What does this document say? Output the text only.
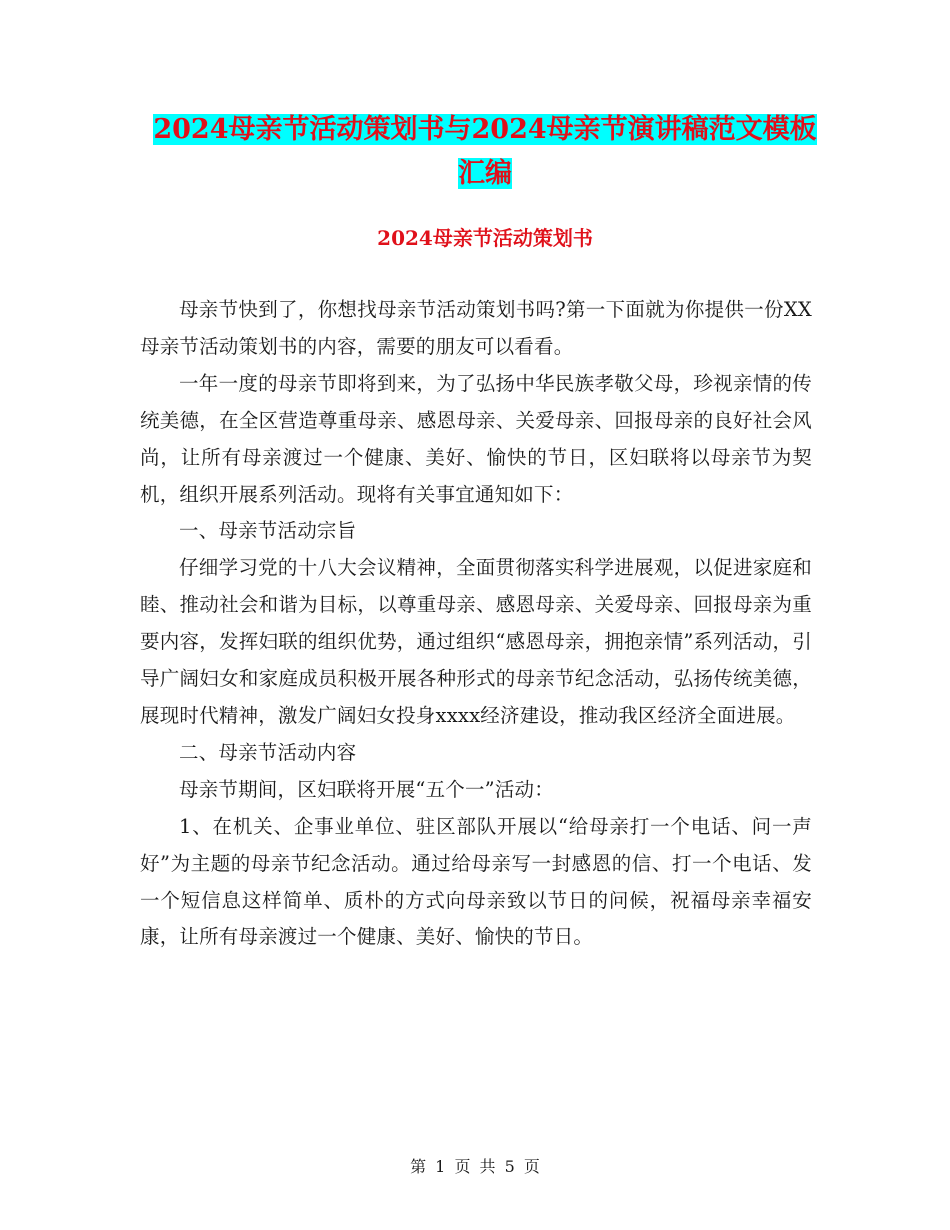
2024母亲节活动策划书与2024母亲节演讲稿范文模板
汇编
2024母亲节活动策划书

母亲节快到了，你想找母亲节活动策划书吗?第一下面就为你提供一份XX母亲节活动策划书的内容，需要的朋友可以看看。

一年一度的母亲节即将到来，为了弘扬中华民族孝敬父母，珍视亲情的传统美德，在全区营造尊重母亲、感恩母亲、关爱母亲、回报母亲的良好社会风尚，让所有母亲渡过一个健康、美好、愉快的节日，区妇联将以母亲节为契机，组织开展系列活动。现将有关事宜通知如下：

一、母亲节活动宗旨

仔细学习党的十八大会议精神，全面贯彻落实科学进展观，以促进家庭和睦、推动社会和谐为目标，以尊重母亲、感恩母亲、关爱母亲、回报母亲为重要内容，发挥妇联的组织优势，通过组织“感恩母亲，拥抱亲情”系列活动，引导广阔妇女和家庭成员积极开展各种形式的母亲节纪念活动，弘扬传统美德，展现时代精神，激发广阔妇女投身xxxx经济建设，推动我区经济全面进展。

二、母亲节活动内容

母亲节期间，区妇联将开展“五个一”活动：

1、在机关、企事业单位、驻区部队开展以“给母亲打一个电话、问一声好”为主题的母亲节纪念活动。通过给母亲写一封感恩的信、打一个电话、发一个短信息这样简单、质朴的方式向母亲致以节日的问候，祝福母亲幸福安康，让所有母亲渡过一个健康、美好、愉快的节日。

第 1 页 共 5 页
